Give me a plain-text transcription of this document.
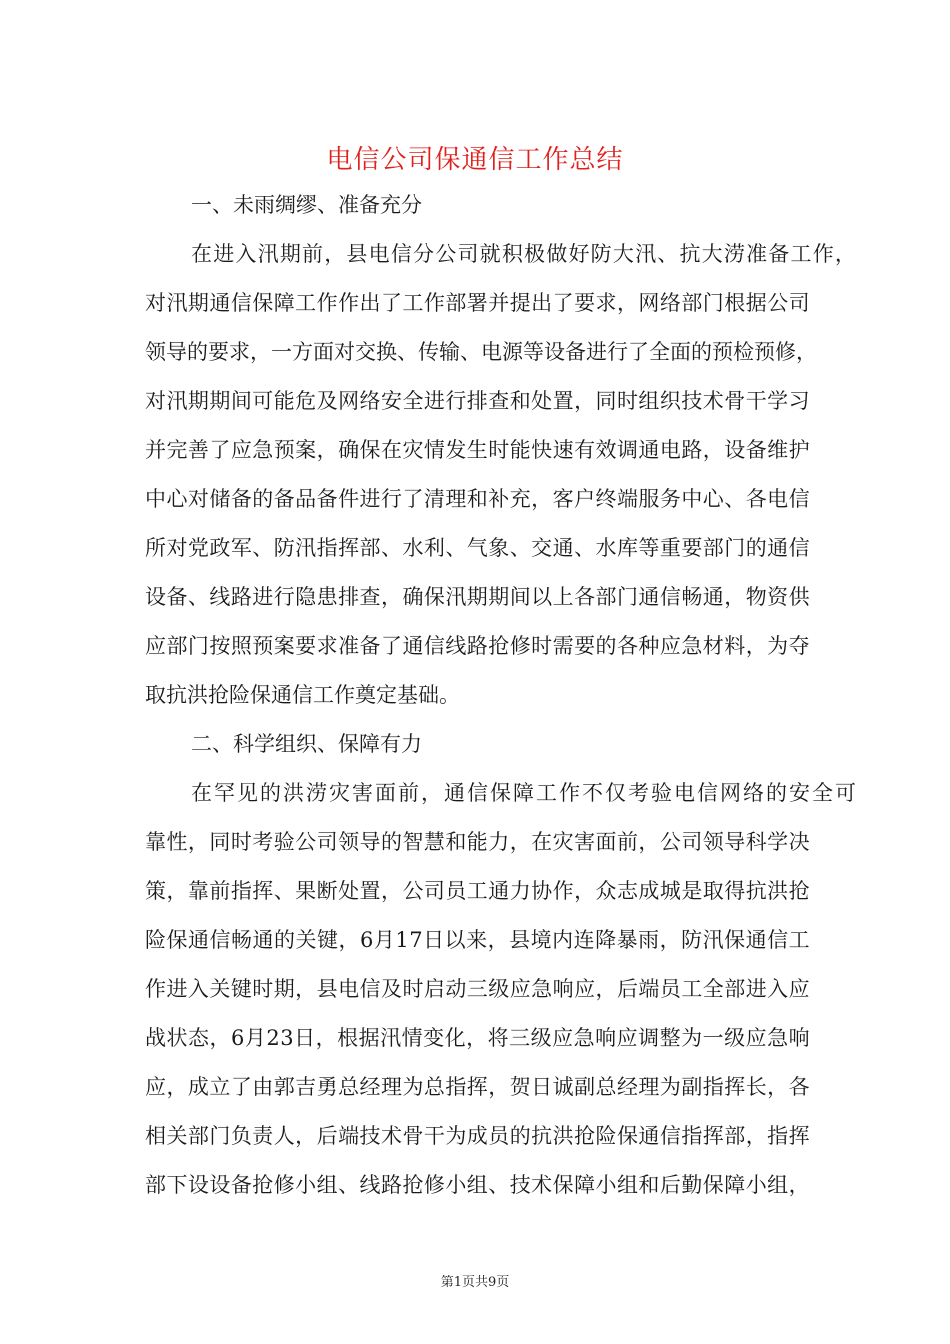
电信公司保通信工作总结
一、未雨绸缪、准备充分
在 进 入 汛 期 前 ， 县 电 信 分 公 司 就 积 极 做 好 防 大 汛 、 抗 大 涝 准 备 工 作 ，
对 汛 期 通 信 保 障 工 作 作 出 了 工 作 部 署 并 提 出 了 要 求 ， 网 络 部 门 根 据 公 司
领 导 的 要 求 ， 一 方 面 对 交 换 、 传 输 、 电 源 等 设 备 进 行 了 全 面 的 预 检 预 修 ，
对 汛 期 期 间 可 能 危 及 网 络 安 全 进 行 排 查 和 处 置 ， 同 时 组 织 技 术 骨 干 学 习
并 完 善 了 应 急 预 案 ， 确 保 在 灾 情 发 生 时 能 快 速 有 效 调 通 电 路 ， 设 备 维 护
中 心 对 储 备 的 备 品 备 件 进 行 了 清 理 和 补 充 ， 客 户 终 端 服 务 中 心 、 各 电 信
所 对 党 政 军 、 防 汛 指 挥 部 、 水 利 、 气 象 、 交 通 、 水 库 等 重 要 部 门 的 通 信
设 备 、 线 路 进 行 隐 患 排 查 ， 确 保 汛 期 期 间 以 上 各 部 门 通 信 畅 通 ， 物 资 供
应 部 门 按 照 预 案 要 求 准 备 了 通 信 线 路 抢 修 时 需 要 的 各 种 应 急 材 料 ， 为 夺
取抗洪抢险保通信工作奠定基础。
二、科学组织、保障有力
在 罕 见 的 洪 涝 灾 害 面 前 ， 通 信 保 障 工 作 不 仅 考 验 电 信 网 络 的 安 全 可
靠 性 ， 同 时 考 验 公 司 领 导 的 智 慧 和 能 力 ， 在 灾 害 面 前 ， 公 司 领 导 科 学 决
策 ， 靠 前 指 挥 、 果 断 处 置 ， 公 司 员 工 通 力 协 作 ， 众 志 成 城 是 取 得 抗 洪 抢
险 保 通 信 畅 通 的 关 键 ， 6 月 1 7 日 以 来 ， 县 境 内 连 降 暴 雨 ， 防 汛 保 通 信 工
作 进 入 关 键 时 期 ， 县 电 信 及 时 启 动 三 级 应 急 响 应 ， 后 端 员 工 全 部 进 入 应
战 状 态 ， 6 月 2 3 日 ， 根 据 汛 情 变 化 ， 将 三 级 应 急 响 应 调 整 为 一 级 应 急 响
应 ， 成 立 了 由 郭 吉 勇 总 经 理 为 总 指 挥 ， 贺 日 诚 副 总 经 理 为 副 指 挥 长 ， 各
相 关 部 门 负 责 人 ， 后 端 技 术 骨 干 为 成 员 的 抗 洪 抢 险 保 通 信 指 挥 部 ， 指 挥
部 下 设 设 备 抢 修 小 组 、 线 路 抢 修 小 组 、 技 术 保 障 小 组 和 后 勤 保 障 小 组 ，
第1页共9页
